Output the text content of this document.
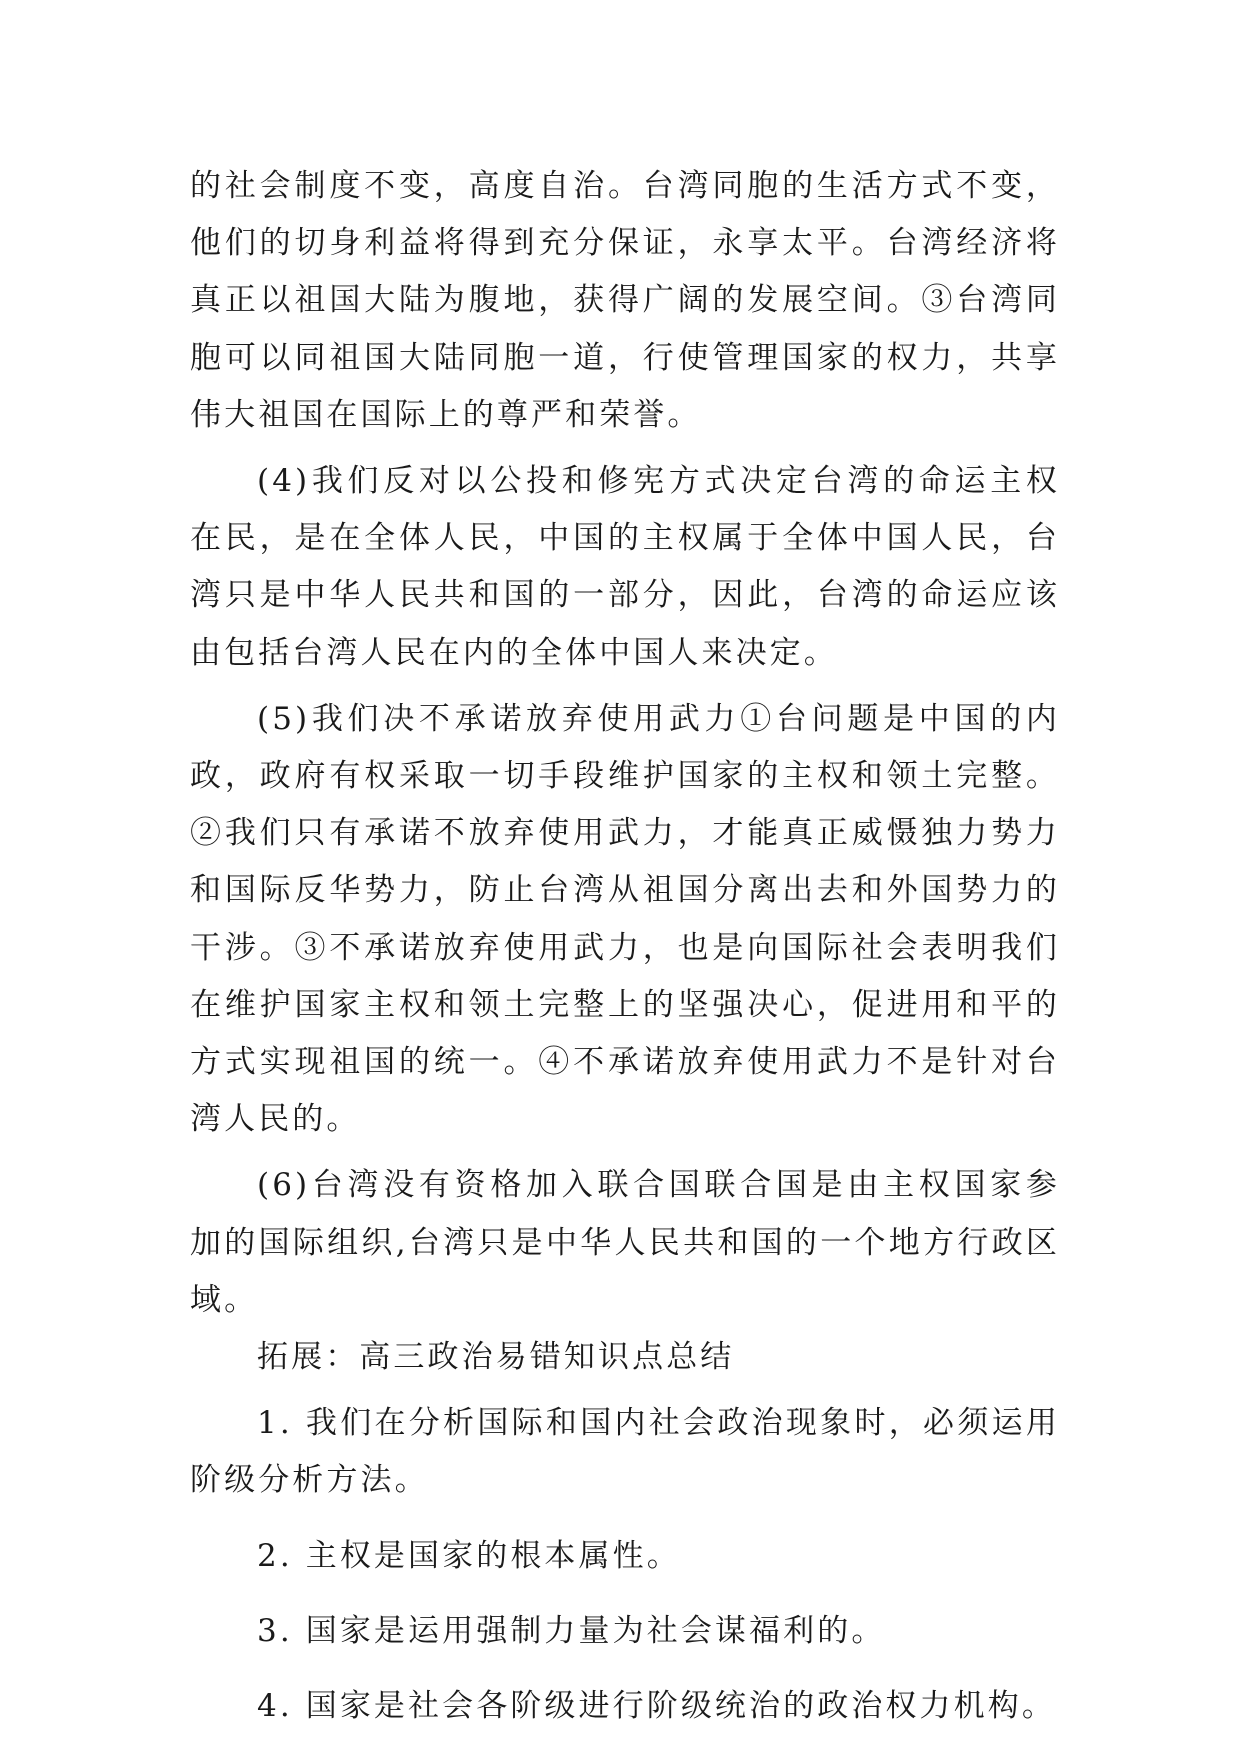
的社会制度不变，高度自治。台湾同胞的生活方式不变，他们的切身利益将得到充分保证，永享太平。台湾经济将真正以祖国大陆为腹地，获得广阔的发展空间。③台湾同胞可以同祖国大陆同胞一道，行使管理国家的权力，共享伟大祖国在国际上的尊严和荣誉。

(4)我们反对以公投和修宪方式决定台湾的命运主权在民，是在全体人民，中国的主权属于全体中国人民，台湾只是中华人民共和国的一部分，因此，台湾的命运应该由包括台湾人民在内的全体中国人来决定。

(5)我们决不承诺放弃使用武力①台问题是中国的内政，政府有权采取一切手段维护国家的主权和领土完整。②我们只有承诺不放弃使用武力，才能真正威慑独力势力和国际反华势力，防止台湾从祖国分离出去和外国势力的干涉。③不承诺放弃使用武力，也是向国际社会表明我们在维护国家主权和领土完整上的坚强决心，促进用和平的方式实现祖国的统一。④不承诺放弃使用武力不是针对台湾人民的。

(6)台湾没有资格加入联合国联合国是由主权国家参加的国际组织,台湾只是中华人民共和国的一个地方行政区域。

拓展：高三政治易错知识点总结

1. 我们在分析国际和国内社会政治现象时，必须运用阶级分析方法。

2. 主权是国家的根本属性。

3. 国家是运用强制力量为社会谋福利的。

4. 国家是社会各阶级进行阶级统治的政治权力机构。
